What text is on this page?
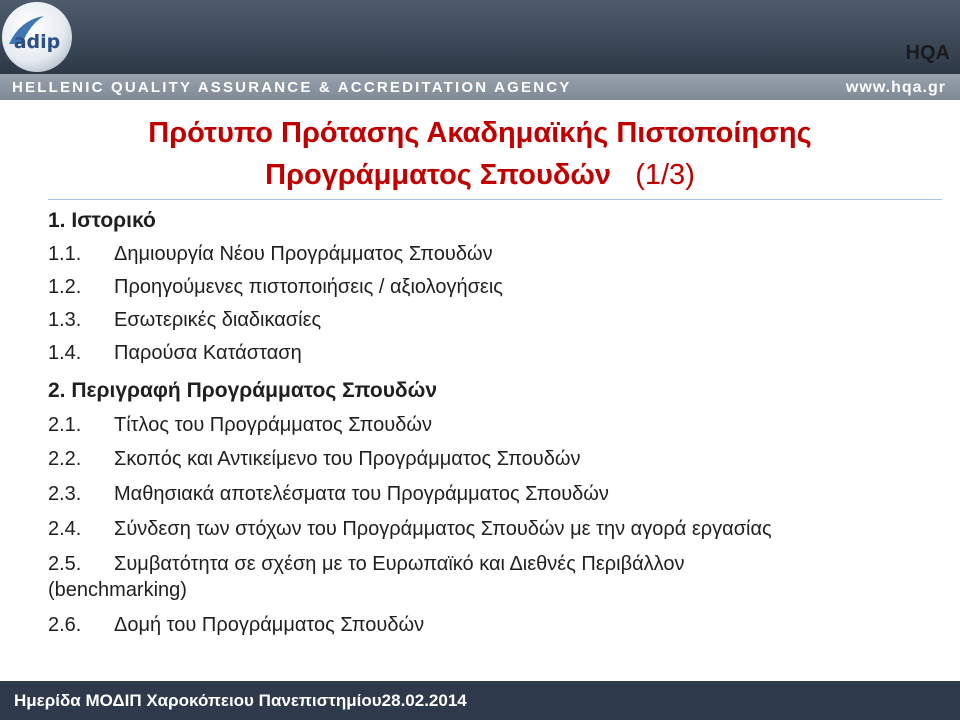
adip	HQA
HELLENIC QUALITY ASSURANCE & ACCREDITATION AGENCY	www.hqa.gr
Πρότυπο Πρότασης Ακαδημαϊκής Πιστοποίησης
Προγράμματος Σπουδών (1/3)
1. Ιστορικό
1.1. Δημιουργία Νέου Προγράμματος Σπουδών
1.2. Προηγούμενες πιστοποιήσεις / αξιολογήσεις
1.3. Εσωτερικές διαδικασίες
1.4. Παρούσα Κατάσταση
2. Περιγραφή Προγράμματος Σπουδών
2.1. Τίτλος του Προγράμματος Σπουδών
2.2. Σκοπός και Αντικείμενο του Προγράμματος Σπουδών
2.3. Μαθησιακά αποτελέσματα του Προγράμματος Σπουδών
2.4. Σύνδεση των στόχων του Προγράμματος Σπουδών με την αγορά εργασίας
2.5. Συμβατότητα σε σχέση με το Ευρωπαϊκό και Διεθνές Περιβάλλον
(benchmarking)
2.6. Δομή του Προγράμματος Σπουδών
Ημερίδα ΜΟΔΙΠ Χαροκόπειου Πανεπιστημίου28.02.2014
